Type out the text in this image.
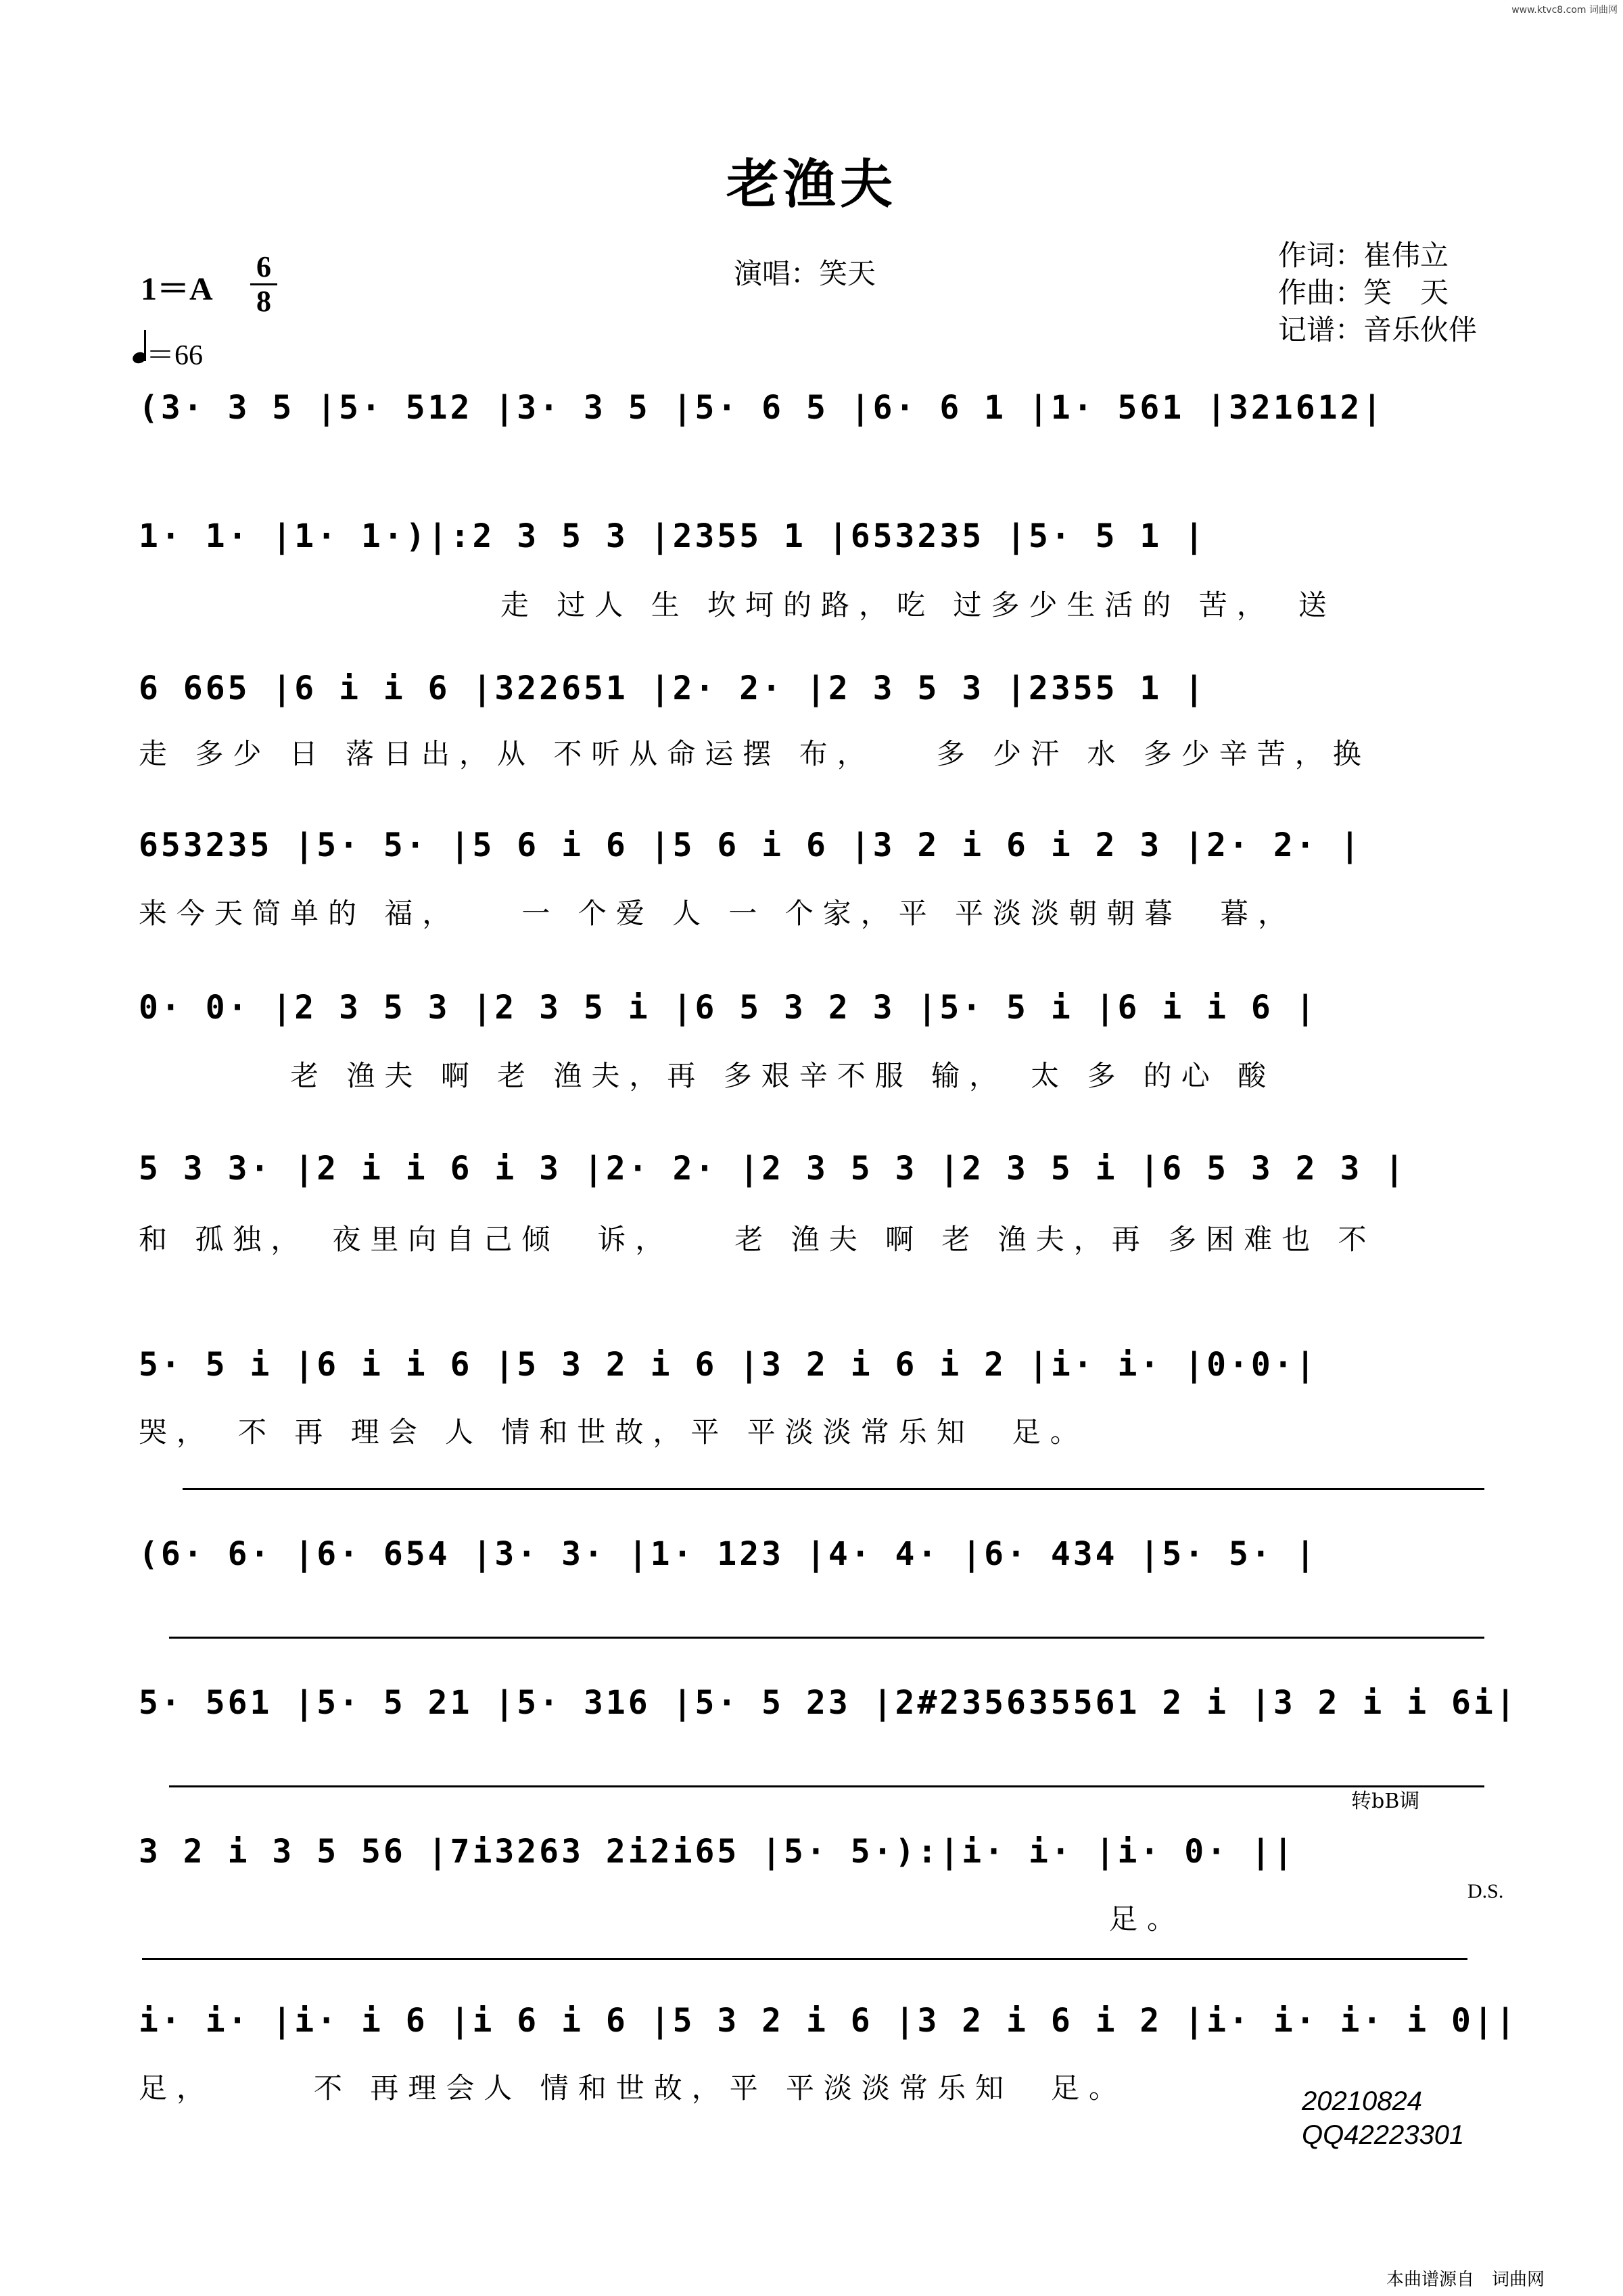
www.ktvc8.com 词曲网
老渔夫
演唱：笑天
作词：崔伟立
作曲：笑　天
记谱：音乐伙伴
1＝A
6
8
＝66
(3· 3 5 |5· 512 |3· 3 5 |5· 6 5 |6· 6 1 |1· 561 |321612|
1· 1· |1· 1·)|:2 3 5 3 |2355 1 |653235 |5· 5 1 |
走 过人 生 坎坷的路，吃 过多少生活的 苦，　送
6 665 |6 i i 6 |322651 |2· 2· |2 3 5 3 |2355 1 |
走 多少 日 落日出，从 不听从命运摆 布，　　多 少汗 水 多少辛苦，换
653235 |5· 5· |5 6 i 6 |5 6 i 6 |3 2 i 6 i 2 3 |2· 2· |
来今天简单的 福，　　一 个爱 人 一 个家，平 平淡淡朝朝暮　暮，
0· 0· |2 3 5 3 |2 3 5 i |6 5 3 2 3 |5· 5 i |6 i i 6 |
　　　　老 渔夫 啊 老 渔夫，再 多艰辛不服 输，　太 多 的心 酸
5 3 3· |2 i i 6 i 3 |2· 2· |2 3 5 3 |2 3 5 i |6 5 3 2 3 |
和 孤独，　夜里向自己倾　诉，　　老 渔夫 啊 老 渔夫，再 多困难也 不
5· 5 i |6 i i 6 |5 3 2 i 6 |3 2 i 6 i 2 |i· i· |0·0·|
哭，　不 再 理会 人 情和世故，平 平淡淡常乐知　足。
(6· 6· |6· 654 |3· 3· |1· 123 |4· 4· |6· 434 |5· 5· |
5· 561 |5· 5 21 |5· 316 |5· 5 23 |2#235635561 2 i |3 2 i i 6i|
转bB调
3 2 i 3 5 56 |7i3263 2i2i65 |5· 5·):|i· i· |i· 0· ||
足。
D.S.
i· i· |i· i 6 |i 6 i 6 |5 3 2 i 6 |3 2 i 6 i 2 |i· i· i· i 0||
足，　　　不 再理会人 情和世故，平 平淡淡常乐知　足。	20210824
QQ42223301
本曲谱源自　词曲网
